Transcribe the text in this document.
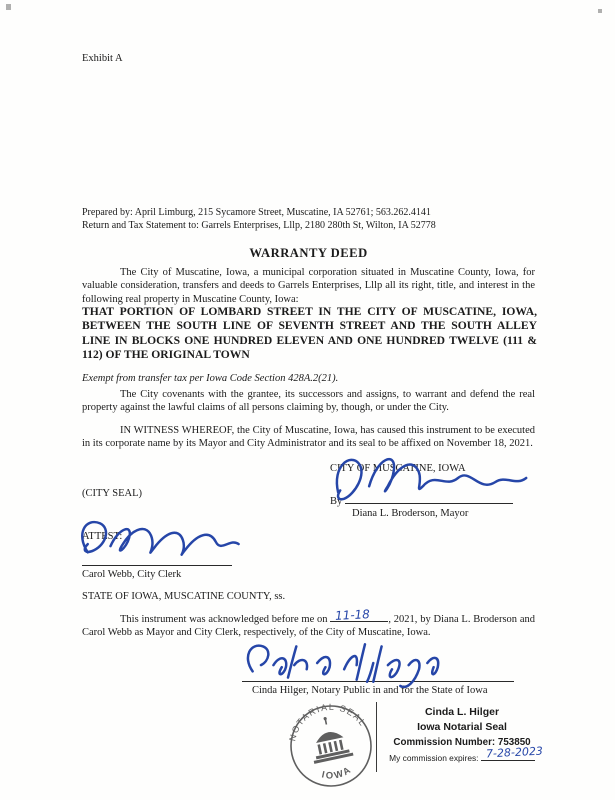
Exhibit A
Prepared by: April Limburg, 215 Sycamore Street, Muscatine, IA 52761; 563.262.4141
Return and Tax Statement to: Garrels Enterprises, Lllp, 2180 280th St, Wilton, IA 52778
WARRANTY DEED

The City of Muscatine, Iowa, a municipal corporation situated in Muscatine County, Iowa, for valuable consideration, transfers and deeds to Garrels Enterprises, Lllp all its right, title, and interest in the following real property in Muscatine County, Iowa:

THAT PORTION OF LOMBARD STREET IN THE CITY OF MUSCATINE, IOWA, BETWEEN THE SOUTH LINE OF SEVENTH STREET AND THE SOUTH ALLEY LINE IN BLOCKS ONE HUNDRED ELEVEN AND ONE HUNDRED TWELVE (111 & 112) OF THE ORIGINAL TOWN

Exempt from transfer tax per Iowa Code Section 428A.2(21).

The City covenants with the grantee, its successors and assigns, to warrant and defend the real property against the lawful claims of all persons claiming by, though, or under the City.

IN WITNESS WHEREOF, the City of Muscatine, Iowa, has caused this instrument to be executed in its corporate name by its Mayor and City Administrator and its seal to be affixed on November 18, 2021.

CITY OF MUSCATINE, IOWA
By
Diana L. Broderson, Mayor
(CITY SEAL)
ATTEST:
Carol Webb, City Clerk
STATE OF IOWA, MUSCATINE COUNTY, ss.

This instrument was acknowledged before me on 11-18 , 2021, by Diana L. Broderson and Carol Webb as Mayor and City Clerk, respectively, of the City of Muscatine, Iowa.

Cinda Hilger, Notary Public in and for the State of Iowa
NOTARIAL SEAL
IOWA
Cinda L. Hilger
Iowa Notarial Seal
Commission Number: 753850
My commission expires: 7-28-2023
